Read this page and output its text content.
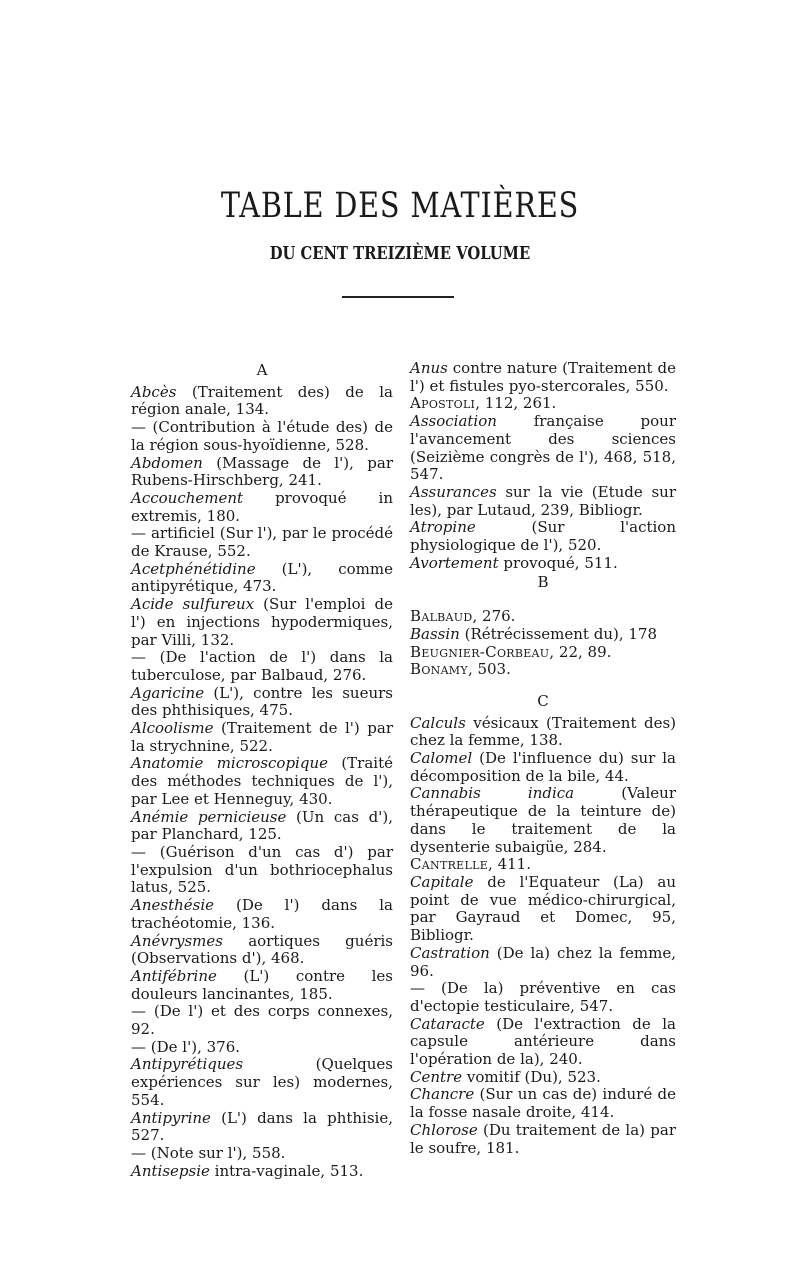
TABLE DES MATIÈRES
DU CENT TREIZIÈME VOLUME
A

Abcès (Traitement des) de la région anale, 134.

— (Contribution à l'étude des) de la région sous-hyoïdienne, 528.

Abdomen (Massage de l'), par Rubens-Hirschberg, 241.

Accouchement provoqué in extremis, 180.

— artificiel (Sur l'), par le procédé de Krause, 552.

Acetphénétidine (L'), comme antipyrétique, 473.

Acide sulfureux (Sur l'emploi de l') en injections hypodermiques, par Villi, 132.

— (De l'action de l') dans la tuberculose, par Balbaud, 276.

Agaricine (L'), contre les sueurs des phthisiques, 475.

Alcoolisme (Traitement de l') par la strychnine, 522.

Anatomie microscopique (Traité des méthodes techniques de l'), par Lee et Henneguy, 430.

Anémie pernicieuse (Un cas d'), par Planchard, 125.

— (Guérison d'un cas d') par l'expulsion d'un bothriocephalus latus, 525.

Anesthésie (De l') dans la trachéotomie, 136.

Anévrysmes aortiques guéris (Observations d'), 468.

Antifébrine (L') contre les douleurs lancinantes, 185.

— (De l') et des corps connexes, 92.

— (De l'), 376.

Antipyrétiques (Quelques expériences sur les) modernes, 554.

Antipyrine (L') dans la phthisie, 527.

— (Note sur l'), 558.

Antisepsie intra-vaginale, 513.

Anus contre nature (Traitement de l') et fistules pyo-stercorales, 550.

Apostoli, 112, 261.

Association française pour l'avancement des sciences (Seizième congrès de l'), 468, 518, 547.

Assurances sur la vie (Etude sur les), par Lutaud, 239, Bibliogr.

Atropine (Sur l'action physiologique de l'), 520.

Avortement provoqué, 511.

B

Balbaud, 276.

Bassin (Rétrécissement du), 178

Beugnier-Corbeau, 22, 89.

Bonamy, 503.

C

Calculs vésicaux (Traitement des) chez la femme, 138.

Calomel (De l'influence du) sur la décomposition de la bile, 44.

Cannabis indica (Valeur thérapeutique de la teinture de) dans le traitement de la dysenterie subaigüe, 284.

Cantrelle, 411.

Capitale de l'Equateur (La) au point de vue médico-chirurgical, par Gayraud et Domec, 95, Bibliogr.

Castration (De la) chez la femme, 96.

— (De la) préventive en cas d'ectopie testiculaire, 547.

Cataracte (De l'extraction de la capsule antérieure dans l'opération de la), 240.

Centre vomitif (Du), 523.

Chancre (Sur un cas de) induré de la fosse nasale droite, 414.

Chlorose (Du traitement de la) par le soufre, 181.
